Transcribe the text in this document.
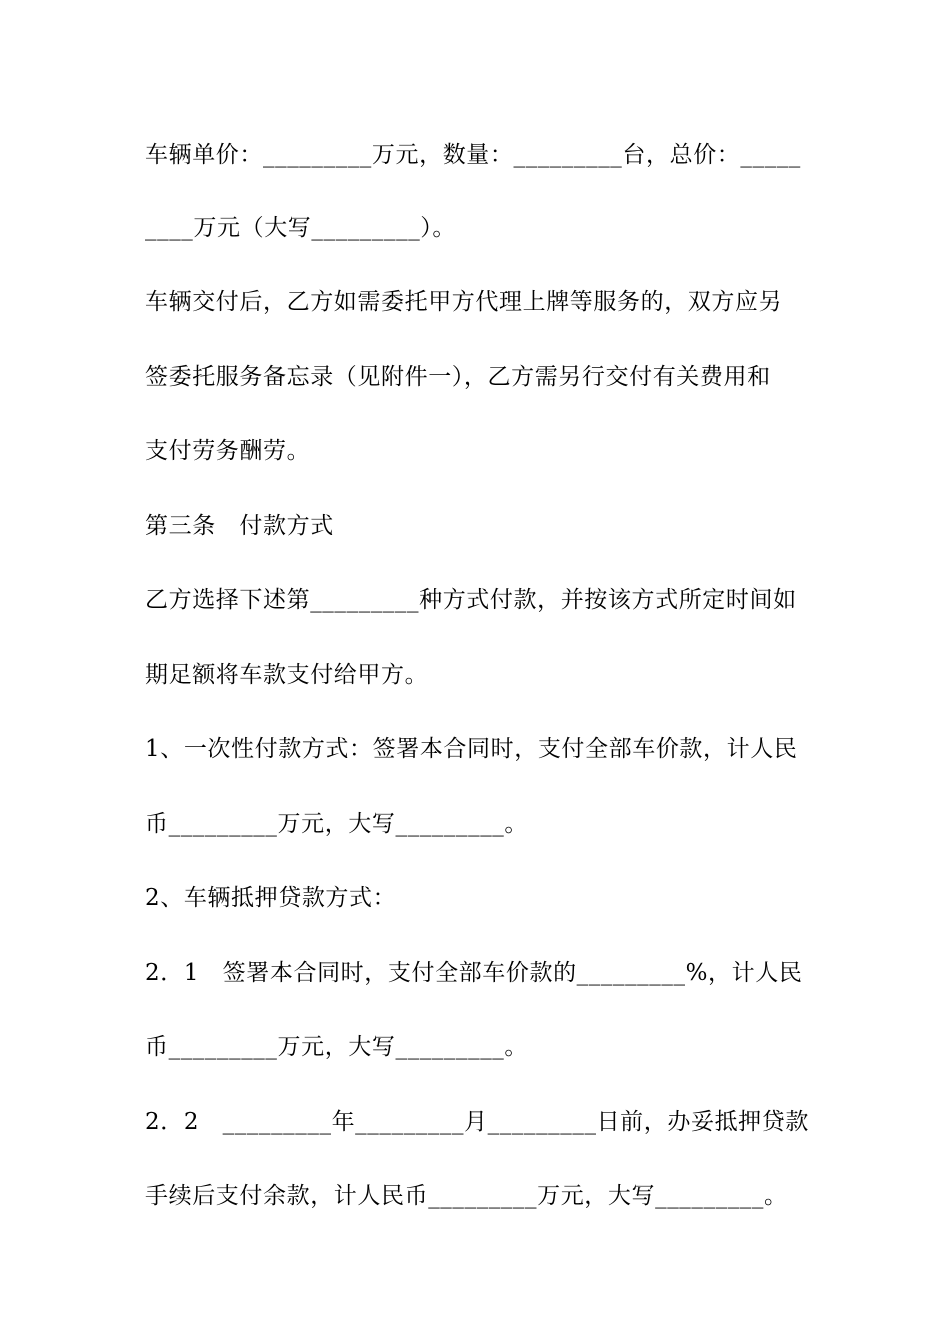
车辆单价：_________万元，数量：_________台，总价：_____
____万元（大写_________）。
车辆交付后，乙方如需委托甲方代理上牌等服务的，双方应另
签委托服务备忘录（见附件一），乙方需另行交付有关费用和
支付劳务酬劳。
第三条　付款方式
乙方选择下述第_________种方式付款，并按该方式所定时间如
期足额将车款支付给甲方。
1、一次性付款方式：签署本合同时，支付全部车价款，计人民
币_________万元，大写_________。
2、车辆抵押贷款方式：
2．1　签署本合同时，支付全部车价款的_________%，计人民
币_________万元，大写_________。
2．2　_________年_________月_________日前，办妥抵押贷款
手续后支付余款，计人民币_________万元，大写_________。
